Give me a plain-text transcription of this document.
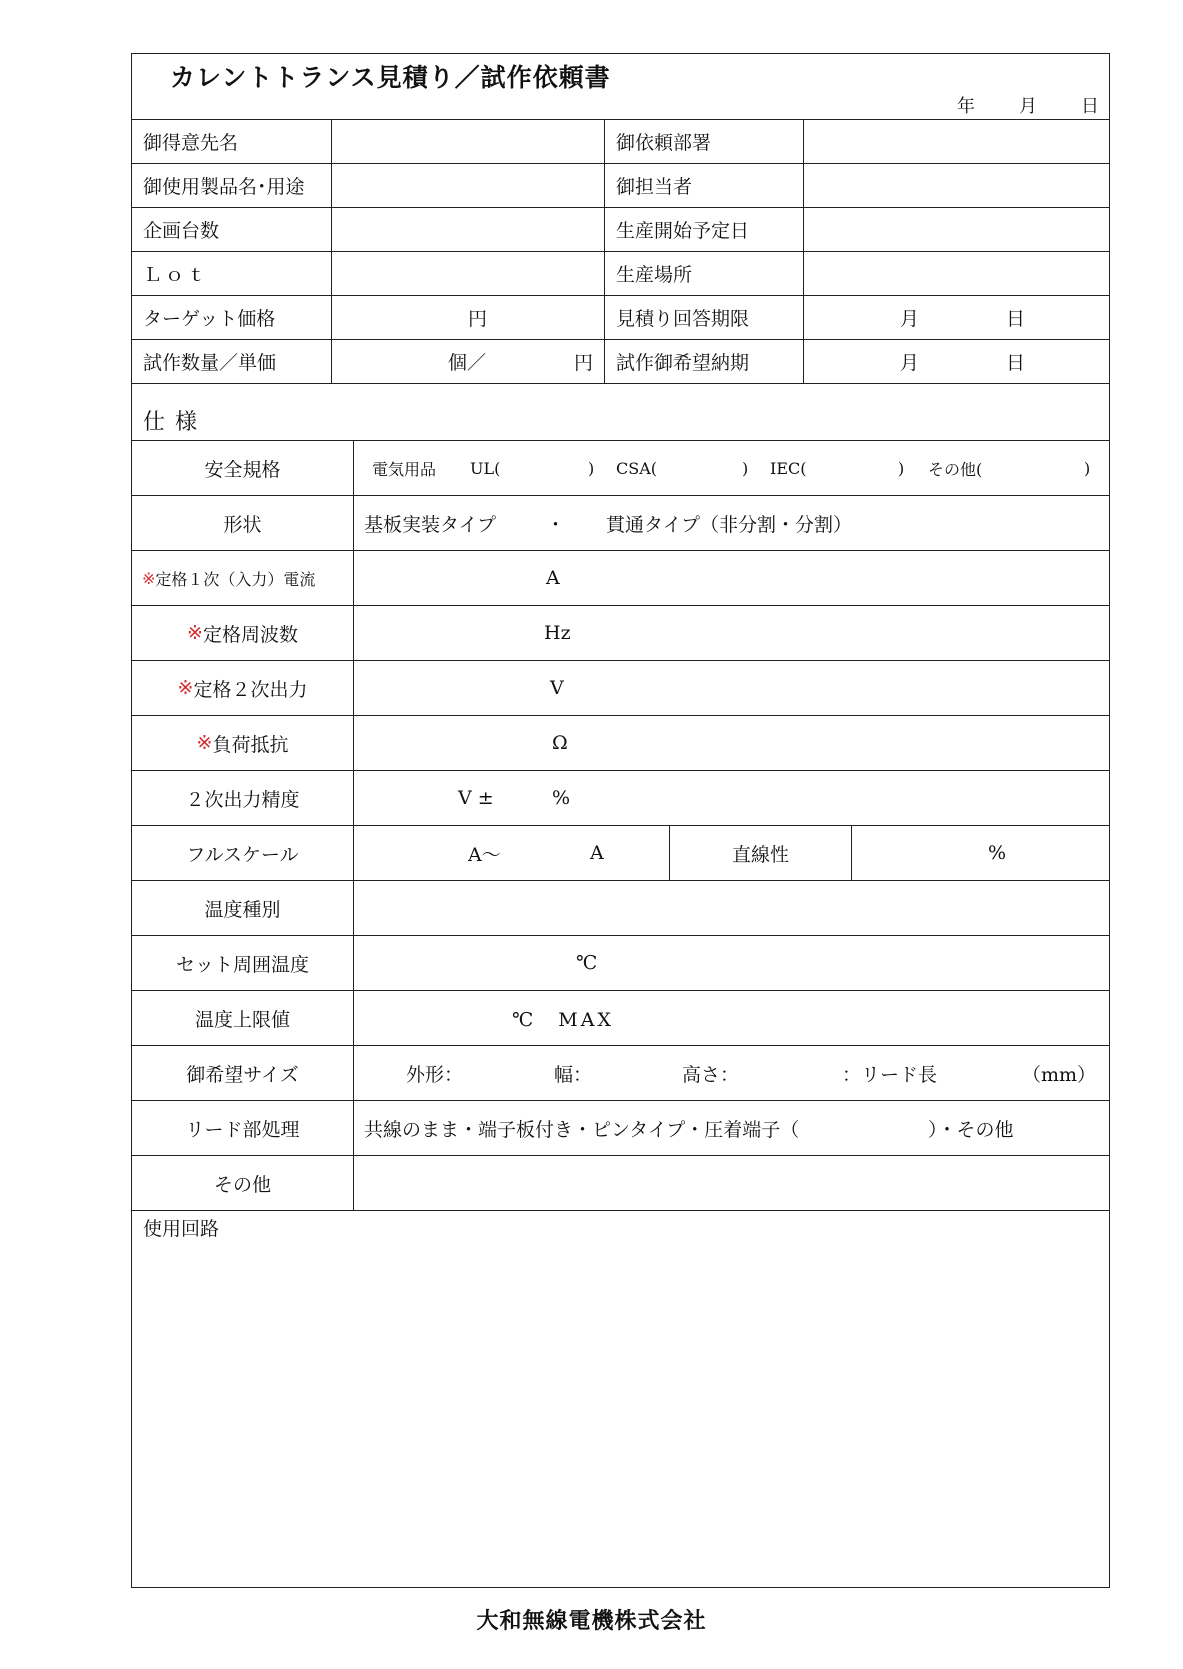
カレントトランス見積り／試作依頼書
年 月 日
御得意先名	御依頼部署
御使用製品名･用途	御担当者
企画台数	生産開始予定日
Ｌｏｔ	生産場所
ターゲット価格	円	見積り回答期限	月	日
試作数量／単価	個／	円	試作御希望納期	月	日
仕様
安全規格	電気用品 UL(	) CSA(	) IEC(	) その他(	)
形状	基板実装タイプ	・ 貫通タイプ（非分割・分割）
※ 定格１次（入力）電流	A
※ 定格周波数	Hz
※ 定格２次出力	V
※ 負荷抵抗	Ω
２次出力精度	V ±	%
フルスケール	A～	A	直線性	%
温度種別
セット周囲温度	℃
温度上限値	℃　MAX
御希望サイズ	外形：	幅：	高さ：	：リード長	（mm）
リード部処理	共線のまま・端子板付き・ピンタイプ・圧着端子（	）・その他
その他
使用回路
大和無線電機株式会社
